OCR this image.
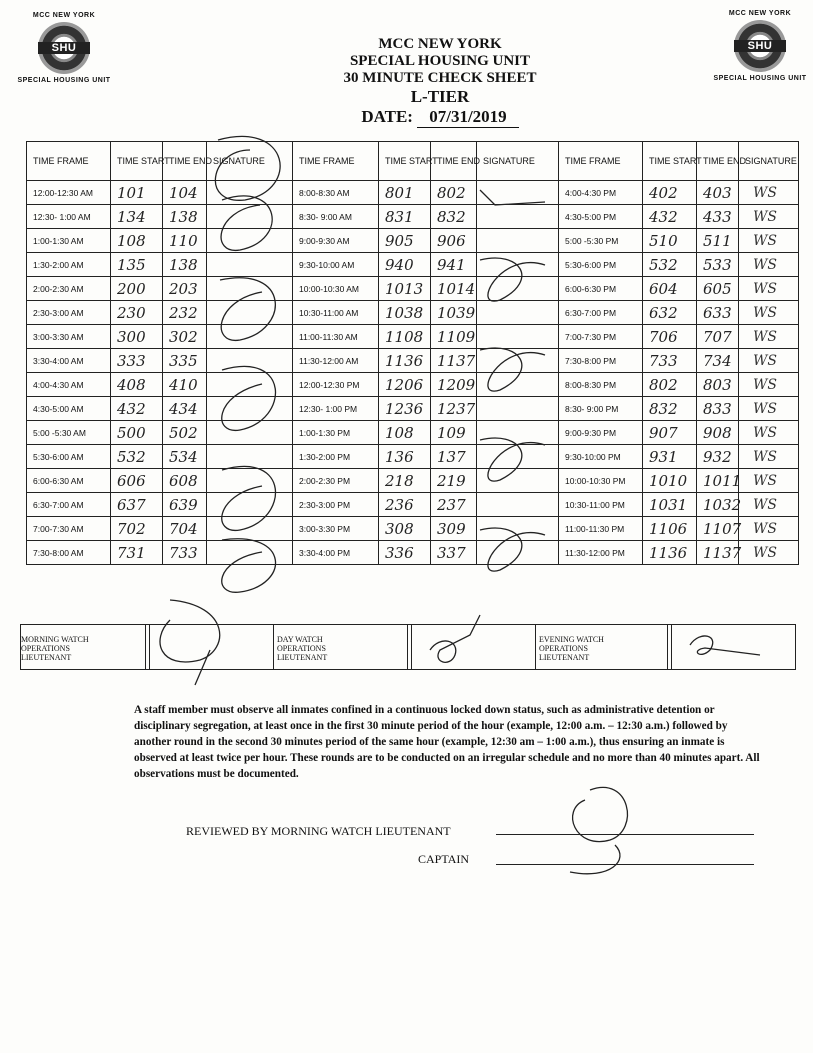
MCC NEW YORK
SHU
SPECIAL HOUSING UNIT
MCC NEW YORK
SHU
SPECIAL HOUSING UNIT
MCC NEW YORK
SPECIAL HOUSING UNIT
30 MINUTE CHECK SHEET
L-TIER
DATE: 07/31/2019
TIME FRAME	TIME START	TIME END	SIGNATURE	TIME FRAME	TIME START	TIME END	SIGNATURE	TIME FRAME	TIME START	TIME END	SIGNATURE
12:00-12:30 AM	101	104		8:00-8:30 AM	801	802		4:00-4:30 PM	402	403	WS
12:30- 1:00 AM	134	138		8:30- 9:00 AM	831	832		4:30-5:00 PM	432	433	WS
1:00-1:30 AM	108	110		9:00-9:30 AM	905	906		5:00 -5:30 PM	510	511	WS
1:30-2:00 AM	135	138		9:30-10:00 AM	940	941		5:30-6:00 PM	532	533	WS
2:00-2:30 AM	200	203		10:00-10:30 AM	1013	1014		6:00-6:30 PM	604	605	WS
2:30-3:00 AM	230	232		10:30-11:00 AM	1038	1039		6:30-7:00 PM	632	633	WS
3:00-3:30 AM	300	302		11:00-11:30 AM	1108	1109		7:00-7:30 PM	706	707	WS
3:30-4:00 AM	333	335		11:30-12:00 AM	1136	1137		7:30-8:00 PM	733	734	WS
4:00-4:30 AM	408	410		12:00-12:30 PM	1206	1209		8:00-8:30 PM	802	803	WS
4:30-5:00 AM	432	434		12:30- 1:00 PM	1236	1237		8:30- 9:00 PM	832	833	WS
5:00 -5:30 AM	500	502		1:00-1:30 PM	108	109		9:00-9:30 PM	907	908	WS
5:30-6:00 AM	532	534		1:30-2:00 PM	136	137		9:30-10:00 PM	931	932	WS
6:00-6:30 AM	606	608		2:00-2:30 PM	218	219		10:00-10:30 PM	1010	1011	WS
6:30-7:00 AM	637	639		2:30-3:00 PM	236	237		10:30-11:00 PM	1031	1032	WS
7:00-7:30 AM	702	704		3:00-3:30 PM	308	309		11:00-11:30 PM	1106	1107	WS
7:30-8:00 AM	731	733		3:30-4:00 PM	336	337		11:30-12:00 PM	1136	1137	WS
MORNING WATCH OPERATIONS LIEUTENANT
DAY WATCH OPERATIONS LIEUTENANT
EVENING WATCH OPERATIONS LIEUTENANT
A staff member must observe all inmates confined in a continuous locked down status, such as administrative detention or disciplinary segregation, at least once in the first 30 minute period of the hour (example, 12:00 a.m. – 12:30 a.m.) followed by another round in the second 30 minutes period of the same hour (example, 12:30 am – 1:00 a.m.), thus ensuring an inmate is observed at least twice per hour. These rounds are to be conducted on an irregular schedule and no more than 40 minutes apart. All observations must be documented.
REVIEWED BY MORNING WATCH LIEUTENANT
CAPTAIN
